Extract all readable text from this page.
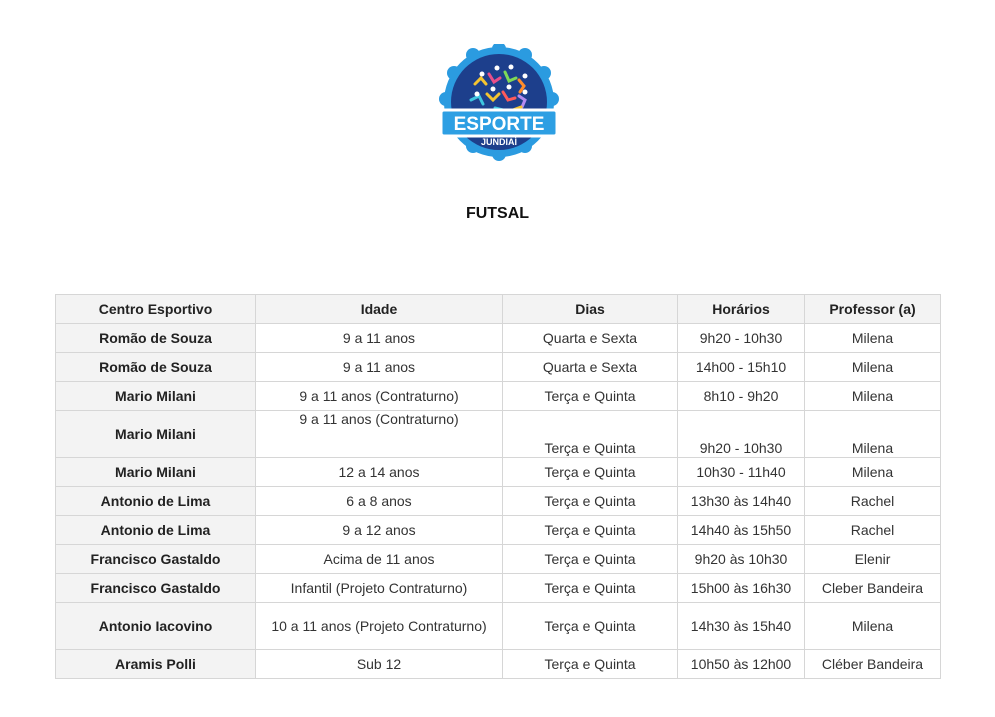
ESPORTE
JUNDIAÍ
FUTSAL
Centro Esportivo	Idade	Dias	Horários	Professor (a)
Romão de Souza	9 a 11 anos	Quarta e Sexta	9h20 - 10h30	Milena
Romão de Souza	9 a 11 anos	Quarta e Sexta	14h00 - 15h10	Milena
Mario Milani	9 a 11 anos (Contraturno)	Terça e Quinta	8h10 - 9h20	Milena
Mario Milani	9 a 11 anos (Contraturno)	Terça e Quinta	9h20 - 10h30	Milena
Mario Milani	12 a 14 anos	Terça e Quinta	10h30 - 11h40	Milena
Antonio de Lima	6 a 8 anos	Terça e Quinta	13h30 às 14h40	Rachel
Antonio de Lima	9 a 12 anos	Terça e Quinta	14h40 às 15h50	Rachel
Francisco Gastaldo	Acima de 11 anos	Terça e Quinta	9h20 às 10h30	Elenir
Francisco Gastaldo	Infantil (Projeto Contraturno)	Terça e Quinta	15h00 às 16h30	Cleber Bandeira
Antonio Iacovino	10 a 11 anos (Projeto Contraturno)	Terça e Quinta	14h30 às 15h40	Milena
Aramis Polli	Sub 12	Terça e Quinta	10h50 às 12h00	Cléber Bandeira
